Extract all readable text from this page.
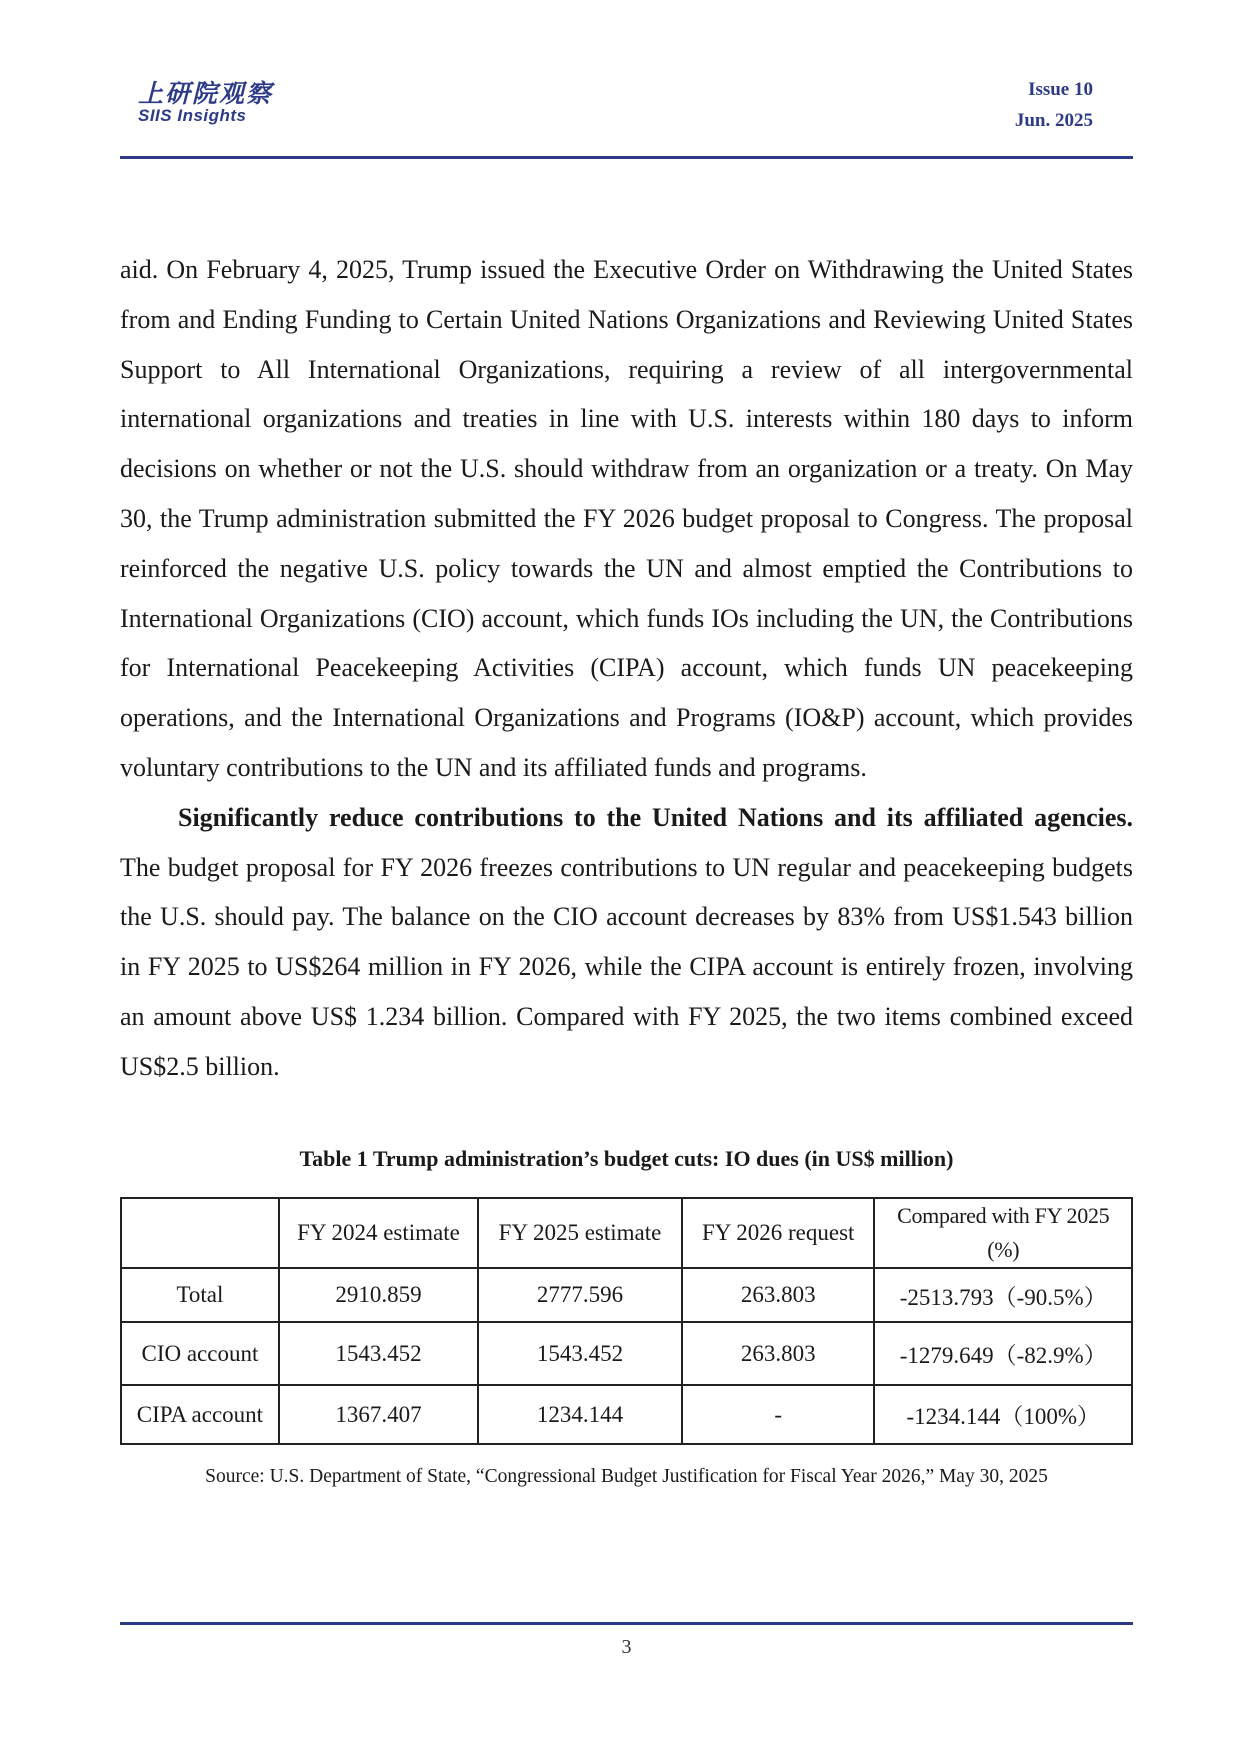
上研院观察
SIIS Insights
Issue 10
Jun. 2025

aid. On February 4, 2025, Trump issued the Executive Order on Withdrawing the United States from and Ending Funding to Certain United Nations Organizations and Reviewing United States Support to All International Organizations, requiring a review of all intergovernmental international organizations and treaties in line with U.S. interests within 180 days to inform decisions on whether or not the U.S. should withdraw from an organization or a treaty. On May 30, the Trump administration submitted the FY 2026 budget proposal to Congress. The proposal reinforced the negative U.S. policy towards the UN and almost emptied the Contributions to International Organizations (CIO) account, which funds IOs including the UN, the Contributions for International Peacekeeping Activities (CIPA) account, which funds UN peacekeeping operations, and the International Organizations and Programs (IO&P) account, which provides voluntary contributions to the UN and its affiliated funds and programs.

Significantly reduce contributions to the United Nations and its affiliated agencies. The budget proposal for FY 2026 freezes contributions to UN regular and peacekeeping budgets the U.S. should pay. The balance on the CIO account decreases by 83% from US$1.543 billion in FY 2025 to US$264 million in FY 2026, while the CIPA account is entirely frozen, involving an amount above US$ 1.234 billion. Compared with FY 2025, the two items combined exceed US$2.5 billion.

Table 1 Trump administration’s budget cuts: IO dues (in US$ million)
	FY 2024 estimate	FY 2025 estimate	FY 2026 request	Compared with FY 2025 (%)
Total	2910.859	2777.596	263.803	-2513.793（-90.5%）
CIO account	1543.452	1543.452	263.803	-1279.649（-82.9%）
CIPA account	1367.407	1234.144	-	-1234.144（100%）
Source: U.S. Department of State, “Congressional Budget Justification for Fiscal Year 2026,” May 30, 2025
3
